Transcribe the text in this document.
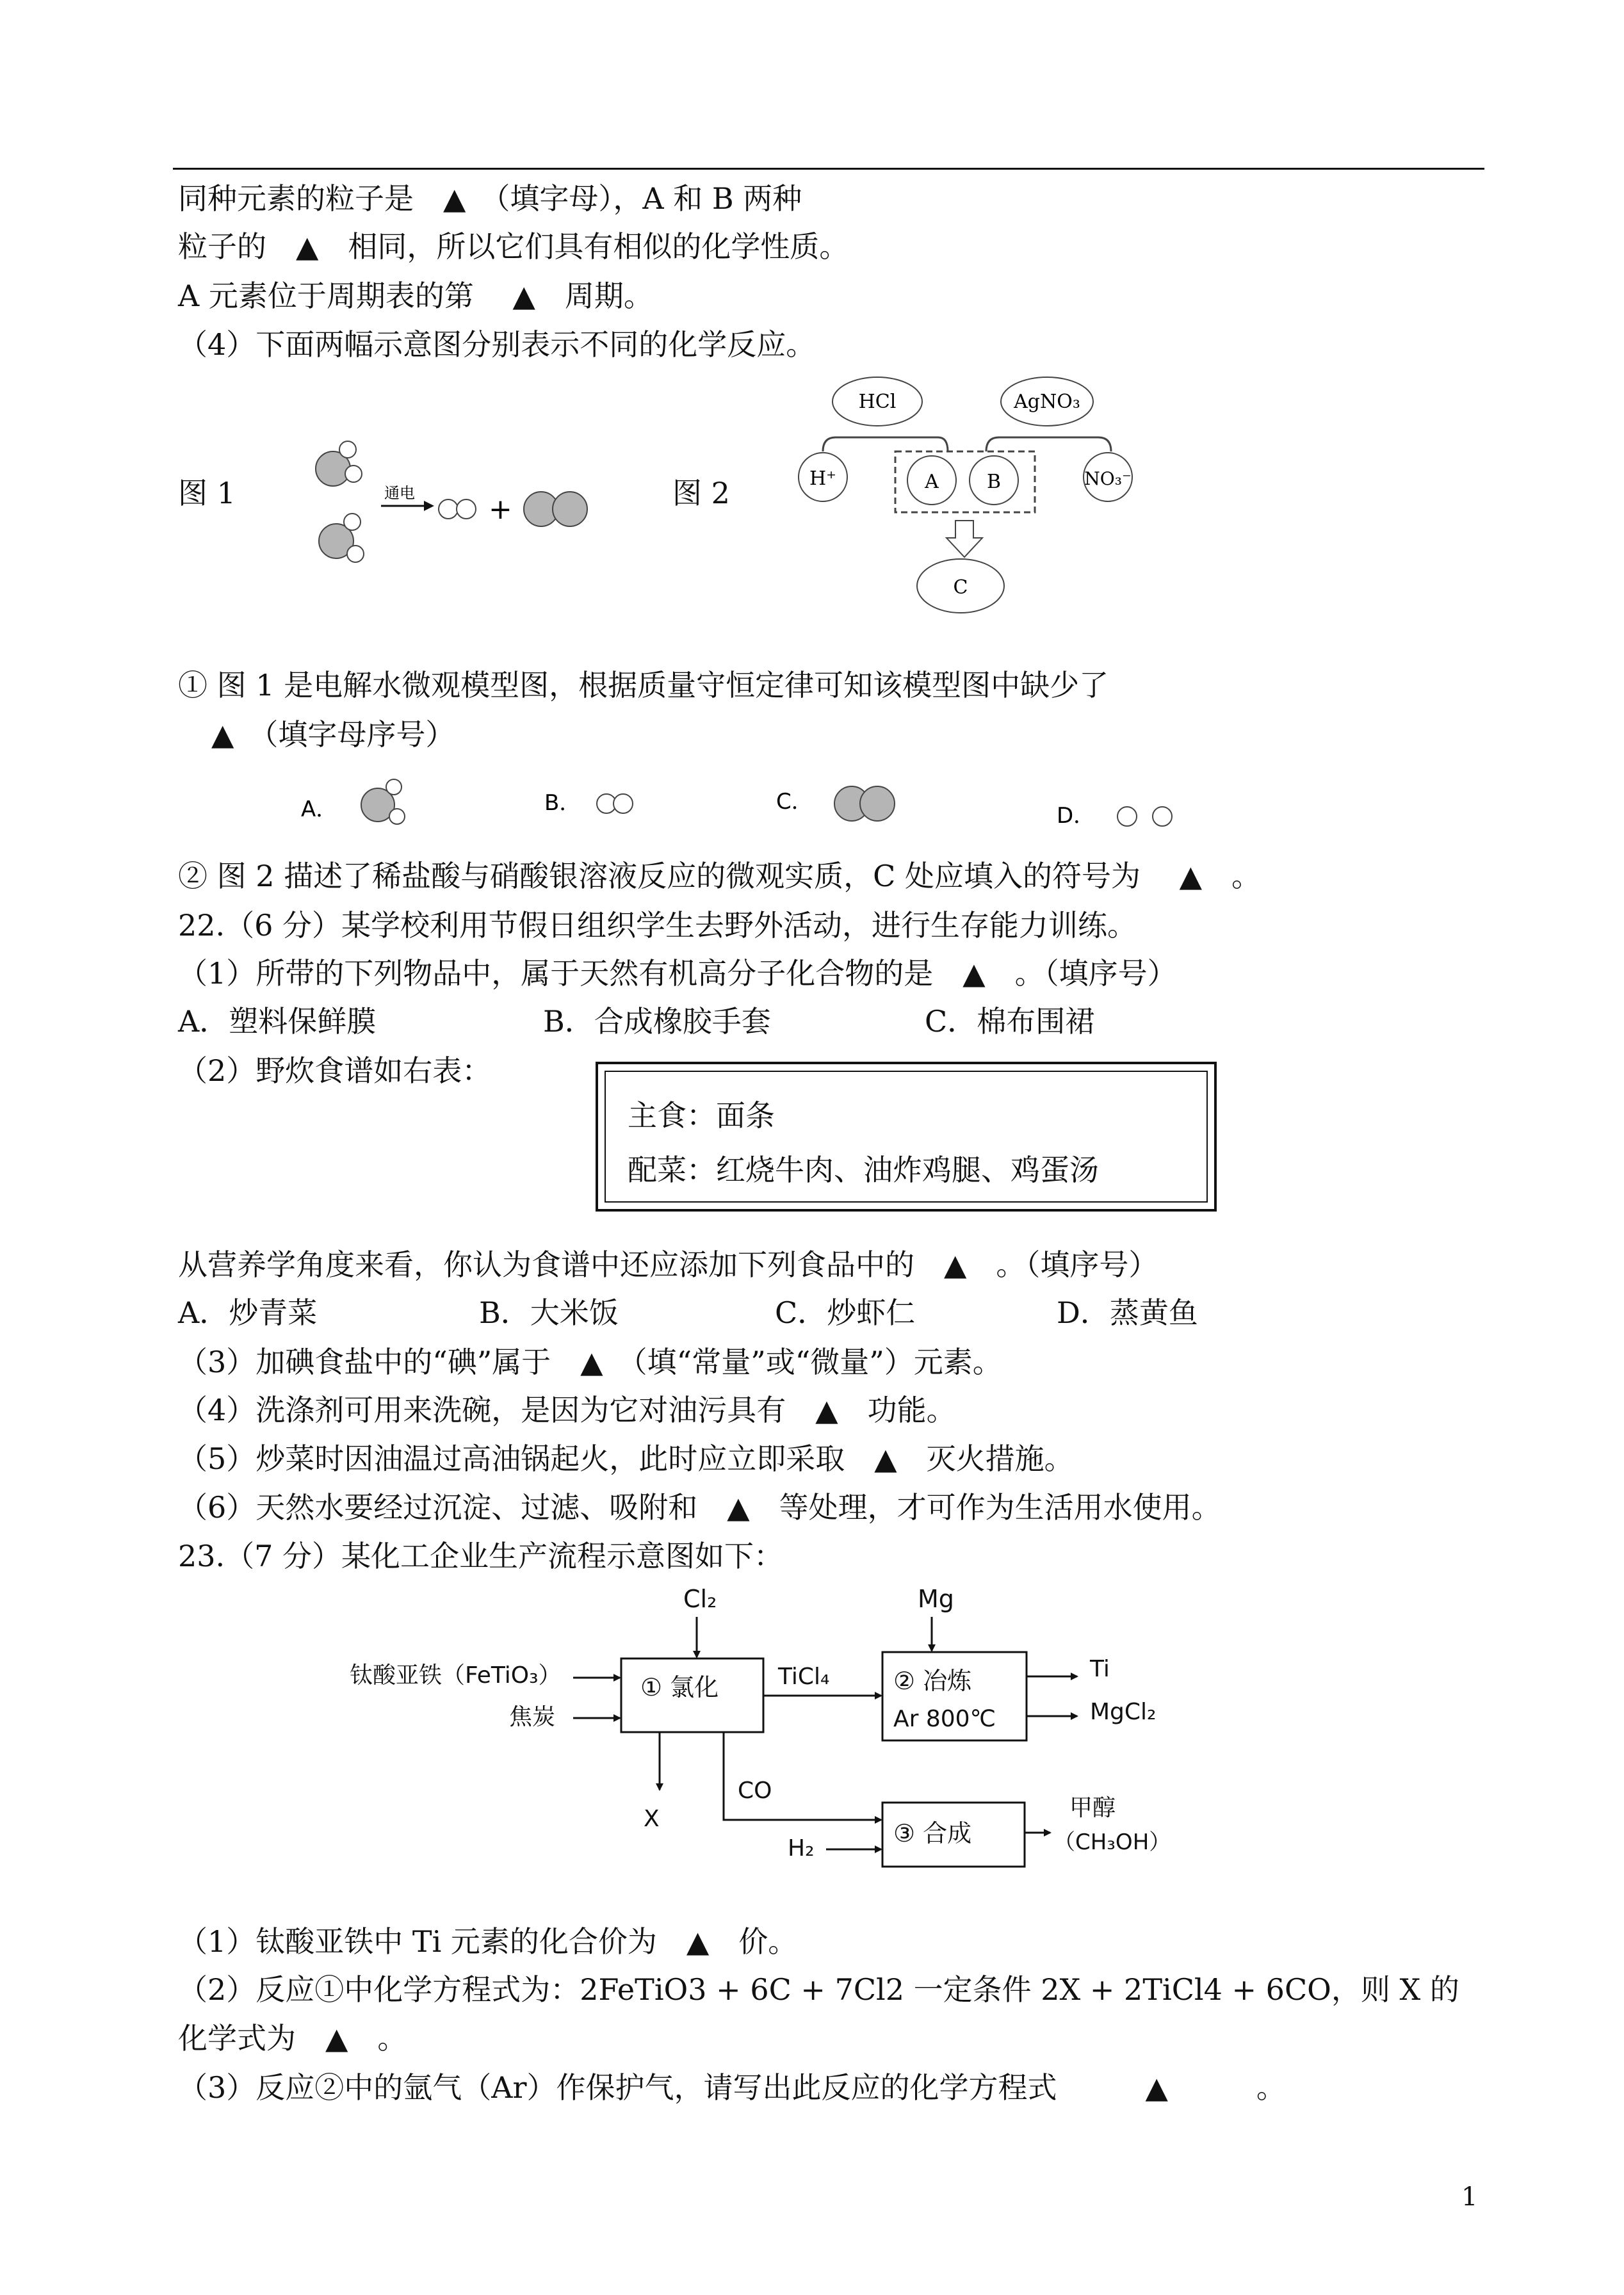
同种元素的粒子是　▲　（填字母），A 和 B 两种
粒子的　▲　相同，所以它们具有相似的化学性质。
A 元素位于周期表的第　 ▲　周期。
（4）下面两幅示意图分别表示不同的化学反应。
图 1	图 2
通电	+
HCl	AgNO₃
H⁺	A	B	NO₃⁻
C
① 图 1 是电解水微观模型图，根据质量守恒定律可知该模型图中缺少了
▲　（填字母序号）
A．	B．	C．
D．
② 图 2 描述了稀盐酸与硝酸银溶液反应的微观实质，C 处应填入的符号为　 ▲　。
22.（6 分）某学校利用节假日组织学生去野外活动，进行生存能力训练。
（1）所带的下列物品中，属于天然有机高分子化合物的是　▲　。（填序号）
A．塑料保鲜膜	B．合成橡胶手套	C．棉布围裙
（2）野炊食谱如右表：
主食：面条
配菜：红烧牛肉、油炸鸡腿、鸡蛋汤
从营养学角度来看，你认为食谱中还应添加下列食品中的　▲　。（填序号）
A．炒青菜	B．大米饭	C．炒虾仁	D．蒸黄鱼
（3）加碘食盐中的“碘”属于　▲　（填“常量”或“微量”）元素。
（4）洗涤剂可用来洗碗，是因为它对油污具有　▲　功能。
（5）炒菜时因油温过高油锅起火，此时应立即采取　▲　灭火措施。
（6）天然水要经过沉淀、过滤、吸附和　▲　等处理，才可作为生活用水使用。
23.（7 分）某化工企业生产流程示意图如下：
Cl₂	Mg
钛酸亚铁（FeTiO₃）
焦炭
① 氯化	TiCl₄	② 冶炼
Ar 800℃
Ti
MgCl₂
X
CO
H₂
③ 合成
甲醇
（CH₃OH）
（1）钛酸亚铁中 Ti 元素的化合价为　▲　价。
（2）反应①中化学方程式为：2FeTiO3 + 6C + 7Cl2 一定条件 2X + 2TiCl4 + 6CO，则 X 的
化学式为　▲　。
（3）反应②中的氩气（Ar）作保护气，请写出此反应的化学方程式　　　▲　　　。
1
